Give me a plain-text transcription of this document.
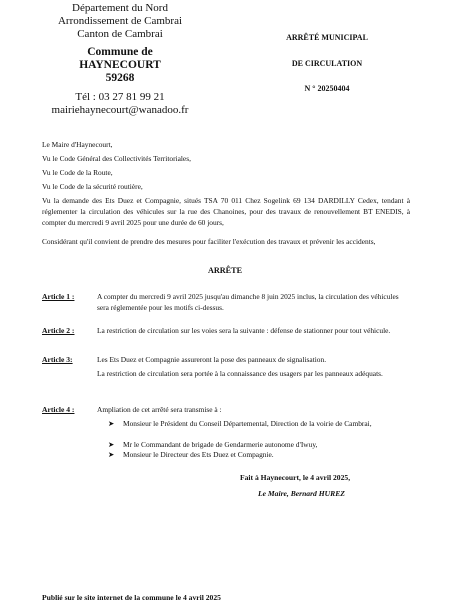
Département du Nord
Arrondissement de Cambrai
Canton de Cambrai
Commune de
HAYNECOURT
59268
Tél : 03 27 81 99 21
mairiehaynecourt@wanadoo.fr
ARRÊTÉ MUNICIPAL
DE CIRCULATION
N ° 20250404
Le Maire d'Haynecourt,
Vu le Code Général des Collectivités Territoriales,
Vu le Code de la Route,
Vu le Code de la sécurité routière,
Vu la demande des Ets Duez et Compagnie, situés TSA 70 011 Chez Sogelink 69 134 DARDILLY Cedex, tendant à réglementer la circulation des véhicules sur la rue des Chanoines, pour des travaux de renouvellement BT ENEDIS, à compter du mercredi 9 avril 2025 pour une durée de 60 jours,
Considérant qu'il convient de prendre des mesures pour faciliter l'exécution des travaux et prévenir les accidents,
ARRÊTE
Article 1 :	A compter du mercredi 9 avril 2025 jusqu'au dimanche 8 juin 2025 inclus, la circulation des véhicules sera réglementée pour les motifs ci-dessus.
Article 2 :	La restriction de circulation sur les voies sera la suivante : défense de stationner pour tout véhicule.
Article 3:	Les Ets Duez et Compagnie assureront la pose des panneaux de signalisation.
La restriction de circulation sera portée à la connaissance des usagers par les panneaux adéquats.
Article 4 :	Ampliation de cet arrêté sera transmise à :
➤ Monsieur le Président du Conseil Départemental, Direction de la voirie de Cambrai,
➤ Mr le Commandant de brigade de Gendarmerie autonome d'Iwuy,
➤ Monsieur le Directeur des Ets Duez et Compagnie.
Fait à Haynecourt, le 4 avril 2025,
Le Maire, Bernard HUREZ
Publié sur le site internet de la commune le 4 avril 2025
